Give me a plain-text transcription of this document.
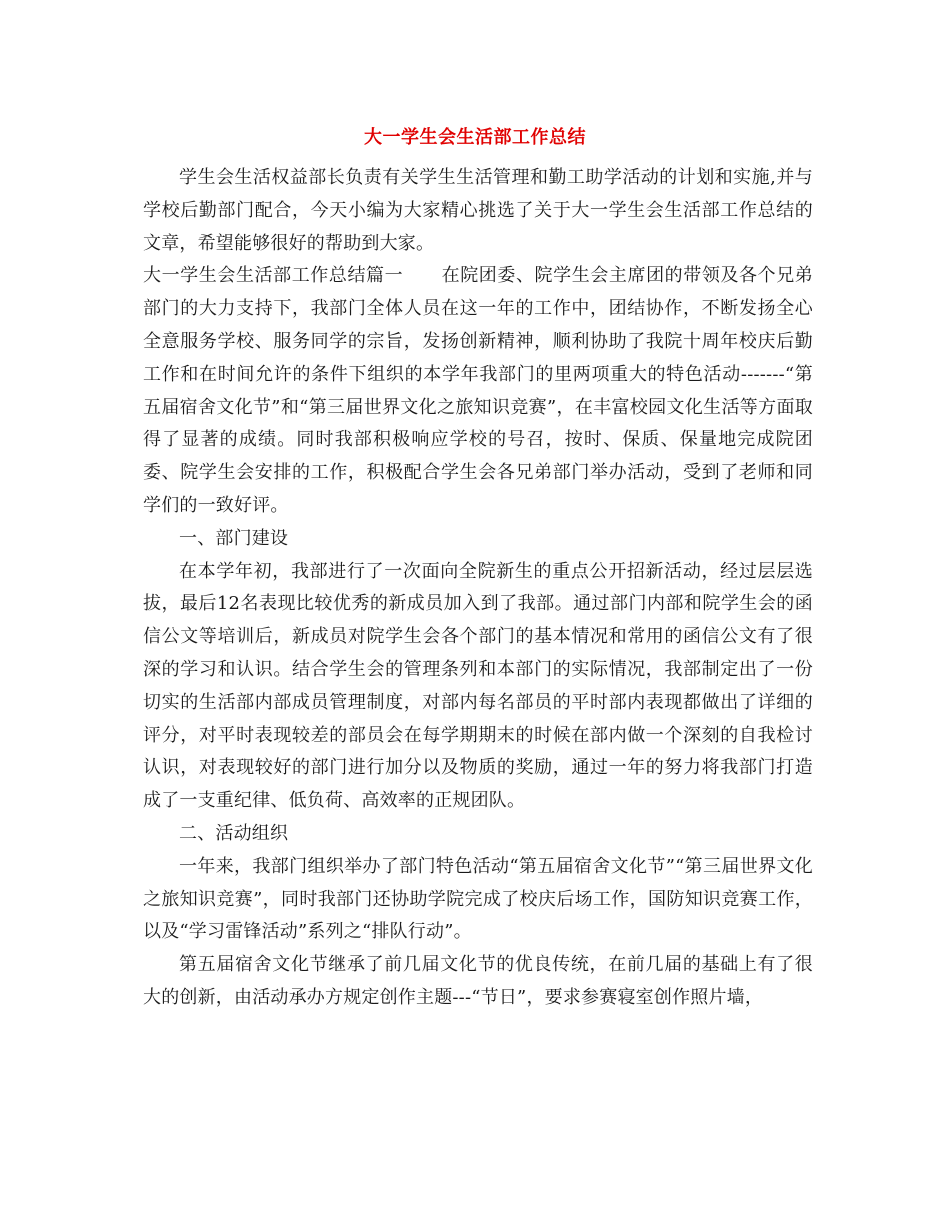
大一学生会生活部工作总结

学生会生活权益部长负责有关学生生活管理和勤工助学活动的计划和实施,并与学校后勤部门配合，今天小编为大家精心挑选了关于大一学生会生活部工作总结的文章，希望能够很好的帮助到大家。

大一学生会生活部工作总结篇一 在院团委、院学生会主席团的带领及各个兄弟部门的大力支持下，我部门全体人员在这一年的工作中，团结协作，不断发扬全心全意服务学校、服务同学的宗旨，发扬创新精神，顺利协助了我院十周年校庆后勤工作和在时间允许的条件下组织的本学年我部门的里两项重大的特色活动-------“第五届宿舍文化节”和“第三届世界文化之旅知识竞赛”，在丰富校园文化生活等方面取得了显著的成绩。同时我部积极响应学校的号召，按时、保质、保量地完成院团委、院学生会安排的工作，积极配合学生会各兄弟部门举办活动，受到了老师和同学们的一致好评。

一、部门建设

在本学年初，我部进行了一次面向全院新生的重点公开招新活动，经过层层选拔，最后12名表现比较优秀的新成员加入到了我部。通过部门内部和院学生会的函信公文等培训后，新成员对院学生会各个部门的基本情况和常用的函信公文有了很深的学习和认识。结合学生会的管理条列和本部门的实际情况，我部制定出了一份切实的生活部内部成员管理制度，对部内每名部员的平时部内表现都做出了详细的评分，对平时表现较差的部员会在每学期期末的时候在部内做一个深刻的自我检讨认识，对表现较好的部门进行加分以及物质的奖励，通过一年的努力将我部门打造成了一支重纪律、低负荷、高效率的正规团队。

二、活动组织

一年来，我部门组织举办了部门特色活动“第五届宿舍文化节”“第三届世界文化之旅知识竞赛”，同时我部门还协助学院完成了校庆后场工作，国防知识竞赛工作，以及“学习雷锋活动”系列之“排队行动”。

第五届宿舍文化节继承了前几届文化节的优良传统，在前几届的基础上有了很大的创新，由活动承办方规定创作主题---“节日”，要求参赛寝室创作照片墙，
